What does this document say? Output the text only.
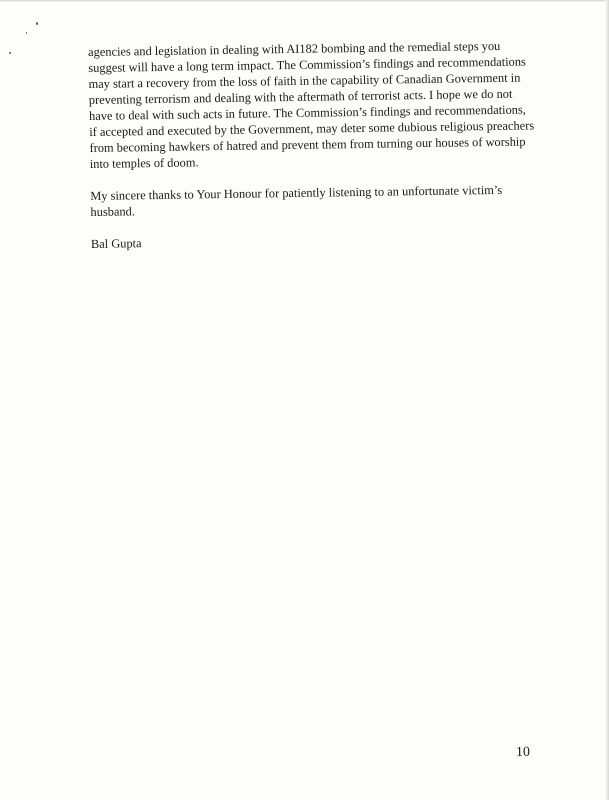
agencies and legislation in dealing with AI182 bombing and the remedial steps you
suggest will have a long term impact. The Commission’s findings and recommendations
may start a recovery from the loss of faith in the capability of Canadian Government in
preventing terrorism and dealing with the aftermath of terrorist acts. I hope we do not
have to deal with such acts in future. The Commission’s findings and recommendations,
if accepted and executed by the Government, may deter some dubious religious preachers
from becoming hawkers of hatred and prevent them from turning our houses of worship
into temples of doom.

My sincere thanks to Your Honour for patiently listening to an unfortunate victim’s
husband.

Bal Gupta

10
